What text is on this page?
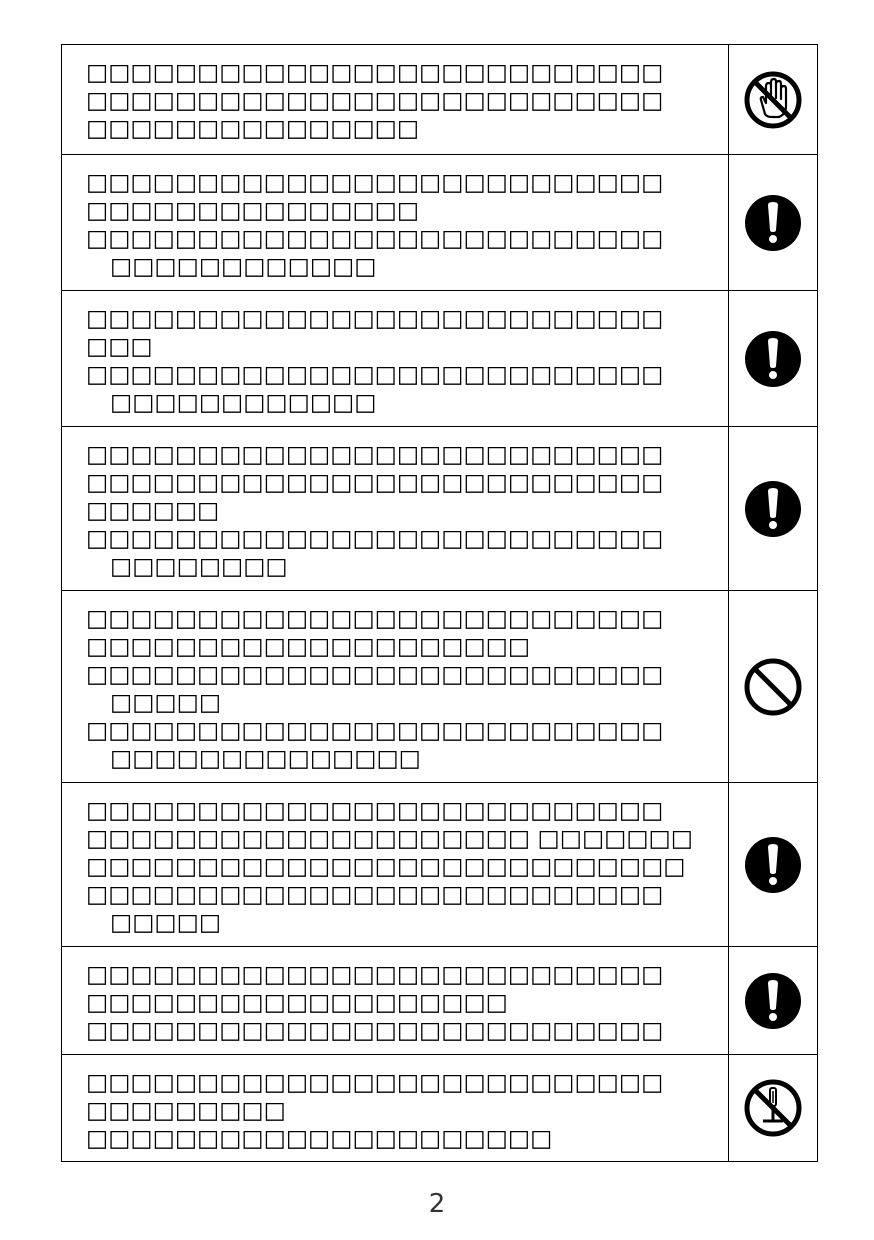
□□□□□□□□□□□□□□□□□□□□□□□□□□
□□□□□□□□□□□□□□□□□□□□□□□□□□
□□□□□□□□□□□□□□□
□□□□□□□□□□□□□□□□□□□□□□□□□□
□□□□□□□□□□□□□□□
□□□□□□□□□□□□□□□□□□□□□□□□□□
□□□□□□□□□□□□
□□□□□□□□□□□□□□□□□□□□□□□□□□
□□□
□□□□□□□□□□□□□□□□□□□□□□□□□□
□□□□□□□□□□□□
□□□□□□□□□□□□□□□□□□□□□□□□□□
□□□□□□□□□□□□□□□□□□□□□□□□□□
□□□□□□
□□□□□□□□□□□□□□□□□□□□□□□□□□
□□□□□□□□
□□□□□□□□□□□□□□□□□□□□□□□□□□
□□□□□□□□□□□□□□□□□□□□
□□□□□□□□□□□□□□□□□□□□□□□□□□
□□□□□
□□□□□□□□□□□□□□□□□□□□□□□□□□
□□□□□□□□□□□□□□
□□□□□□□□□□□□□□□□□□□□□□□□□□
□□□□□□□□□□□□□□□□□□□□ □□□□□□□
□□□□□□□□□□□□□□□□□□□□□□□□□□□
□□□□□□□□□□□□□□□□□□□□□□□□□□
□□□□□
□□□□□□□□□□□□□□□□□□□□□□□□□□
□□□□□□□□□□□□□□□□□□□
□□□□□□□□□□□□□□□□□□□□□□□□□□
□□□□□□□□□□□□□□□□□□□□□□□□□□
□□□□□□□□□
□□□□□□□□□□□□□□□□□□□□□
2
